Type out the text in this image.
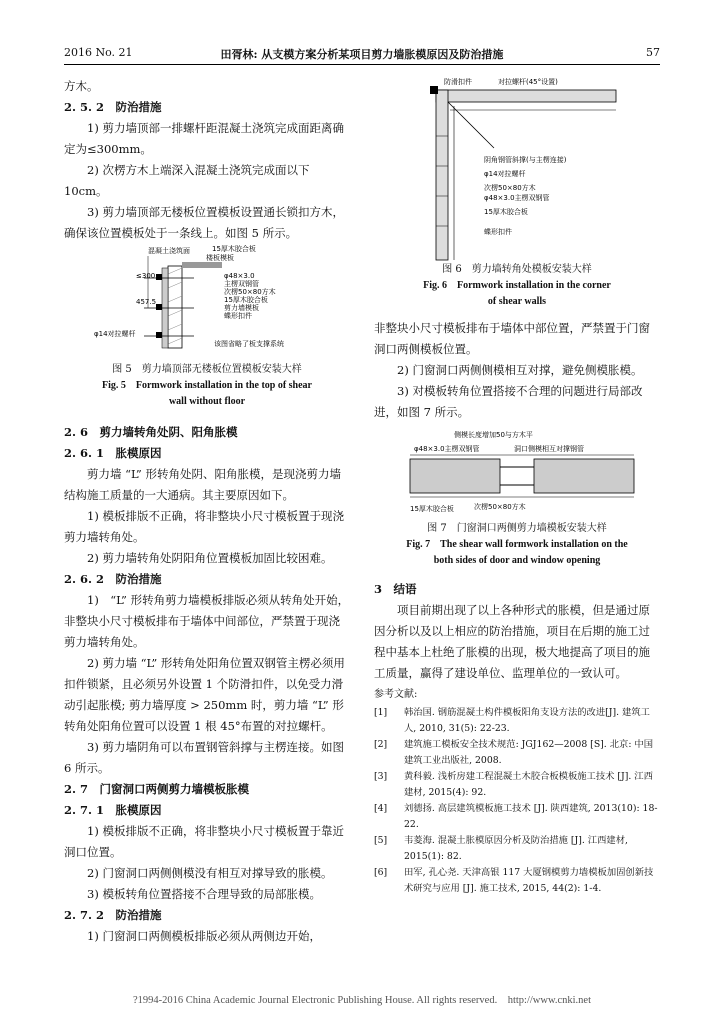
2016 No. 21	田胥林: 从支模方案分析某项目剪力墙胀模原因及防治措施	57

方木。

2. 5. 2　防治措施

1) 剪力墙顶部一排螺杆距混凝土浇筑完成面距离确定为≤300mm。

2) 次楞方木上端深入混凝土浇筑完成面以下 10cm。

3) 剪力墙顶部无楼板位置模板设置通长锁扣方木，确保该位置模板处于一条线上。如图 5 所示。

≤300
457.5
混凝土浇筑面	15厚木胶合板
楼板模板
φ48×3.0
主楞双钢管
次楞50×80方木
15厚木胶合板
剪力墙模板
蝶形扣件
φ14对拉螺杆
该图省略了板支撑系统
图 5　剪力墙顶部无楼板位置模板安装大样
Fig. 5　Formwork installation in the top of shear
wall without floor

2. 6　剪力墙转角处阴、阳角胀模

2. 6. 1　胀模原因

剪力墙 “L” 形转角处阴、阳角胀模，是现浇剪力墙结构施工质量的一大通病。其主要原因如下。

1) 模板排版不正确，将非整块小尺寸模板置于现浇剪力墙转角处。

2) 剪力墙转角处阴阳角位置模板加固比较困难。

2. 6. 2　防治措施

1)　“L” 形转角剪力墙模板排版必须从转角处开始，非整块小尺寸模板排布于墙体中间部位，严禁置于现浇剪力墙转角处。

2) 剪力墙 “L” 形转角处阳角位置双钢管主楞必须用扣件锁紧，且必须另外设置 1 个防滑扣件，以免受力滑动引起胀模; 剪力墙厚度 > 250mm 时，剪力墙 “L” 形转角处阳角位置可以设置 1 根 45°布置的对拉螺杆。

3) 剪力墙阴角可以布置钢管斜撑与主楞连接。如图 6 所示。

2. 7　门窗洞口两侧剪力墙模板胀模

2. 7. 1　胀模原因

1) 模板排版不正确，将非整块小尺寸模板置于靠近洞口位置。

2) 门窗洞口两侧侧模没有相互对撑导致的胀模。

3) 模板转角位置搭接不合理导致的局部胀模。

2. 7. 2　防治措施

1) 门窗洞口两侧模板排版必须从两侧边开始，

防滑扣件	对拉螺杆(45°设置)
阴角钢管斜撑(与主楞连接)
φ14对拉螺杆
次楞50×80方木
φ48×3.0主楞双钢管
15厚木胶合板
蝶形扣件
图 6　剪力墙转角处模板安装大样
Fig. 6　Formwork installation in the corner
of shear walls

非整块小尺寸模板排布于墙体中部位置，严禁置于门窗洞口两侧模板位置。

2) 门窗洞口两侧侧模相互对撑，避免侧模胀模。

3) 对模板转角位置搭接不合理的问题进行局部改进，如图 7 所示。

侧模长度增加50与方木平
φ48×3.0主楞双钢管	洞口侧模相互对撑钢管
15厚木胶合板	次楞50×80方木
图 7　门窗洞口两侧剪力墙模板安装大样
Fig. 7　The shear wall formwork installation on the
both sides of door and window opening

3　结语

项目前期出现了以上各种形式的胀模，但是通过原因分析以及以上相应的防治措施，项目在后期的施工过程中基本上杜绝了胀模的出现，极大地提高了项目的施工质量，赢得了建设单位、监理单位的一致认可。

参考文献:
[1]	韩治国. 钢筋混凝土构件模板阳角支设方法的改进[J]. 建筑工人, 2010, 31(5): 22-23.
[2]	建筑施工模板安全技术规范: JGJ162—2008 [S]. 北京: 中国建筑工业出版社, 2008.
[3]	黄科毅. 浅析房建工程混凝土木胶合板模板施工技术 [J]. 江西建材, 2015(4): 92.
[4]	刘德扬. 高层建筑模板施工技术 [J]. 陕西建筑, 2013(10): 18-22.
[5]	韦菱海. 混凝土胀模原因分析及防治措施 [J]. 江西建材, 2015(1): 82.
[6]	田军, 孔心尧. 天津高银 117 大厦钢模剪力墙模板加固创新技术研究与应用 [J]. 施工技术, 2015, 44(2): 1-4.
?1994-2016 China Academic Journal Electronic Publishing House. All rights reserved.　http://www.cnki.net
